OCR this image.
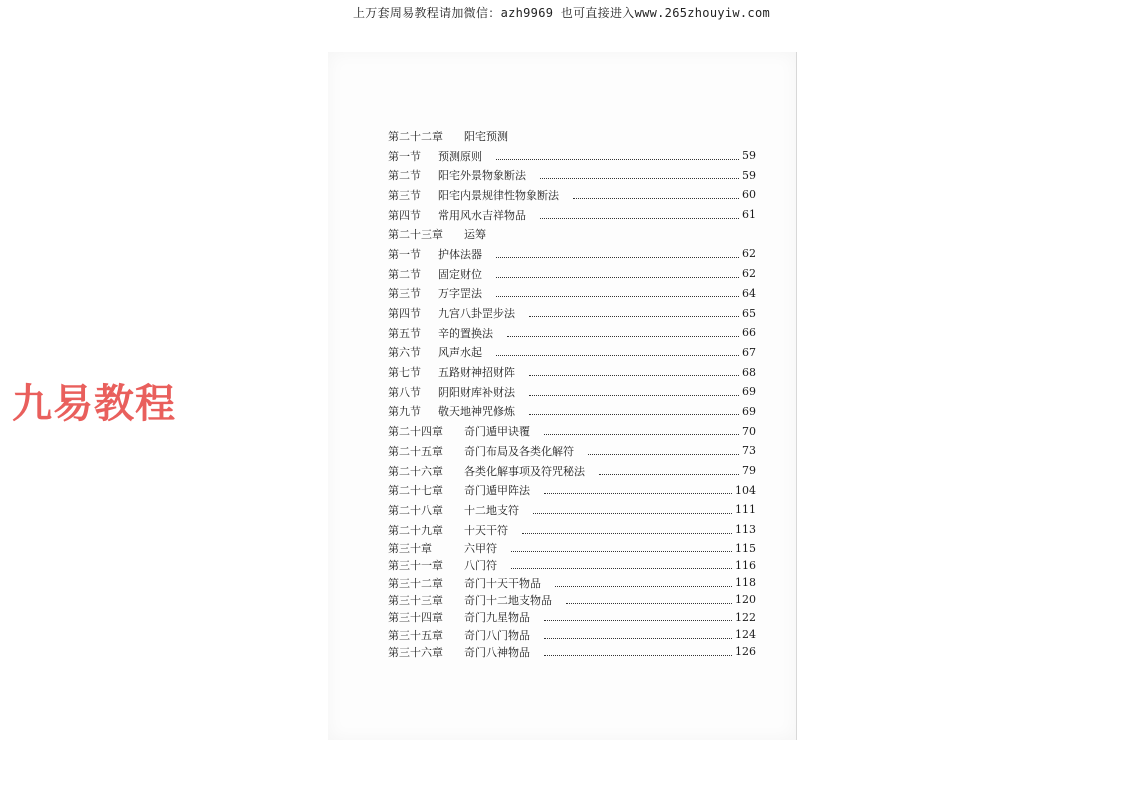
上万套周易教程请加微信：azh9969 也可直接进入www.265zhouyiw.com
九易教程
第二十二章	阳宅预测
第一节	预测原则	59
第二节	阳宅外景物象断法	59
第三节	阳宅内景规律性物象断法	60
第四节	常用风水吉祥物品	61
第二十三章	运筹
第一节	护体法器	62
第二节	固定财位	62
第三节	万字罡法	64
第四节	九宫八卦罡步法	65
第五节	辛的置换法	66
第六节	风声水起	67
第七节	五路财神招财阵	68
第八节	阴阳财库补财法	69
第九节	敬天地神咒修炼	69
第二十四章	奇门遁甲诀覆	70
第二十五章	奇门布局及各类化解符	73
第二十六章	各类化解事项及符咒秘法	79
第二十七章	奇门遁甲阵法	104
第二十八章	十二地支符	111
第二十九章	十天干符	113
第三十章	六甲符	115
第三十一章	八门符	116
第三十二章	奇门十天干物品	118
第三十三章	奇门十二地支物品	120
第三十四章	奇门九星物品	122
第三十五章	奇门八门物品	124
第三十六章	奇门八神物品	126
